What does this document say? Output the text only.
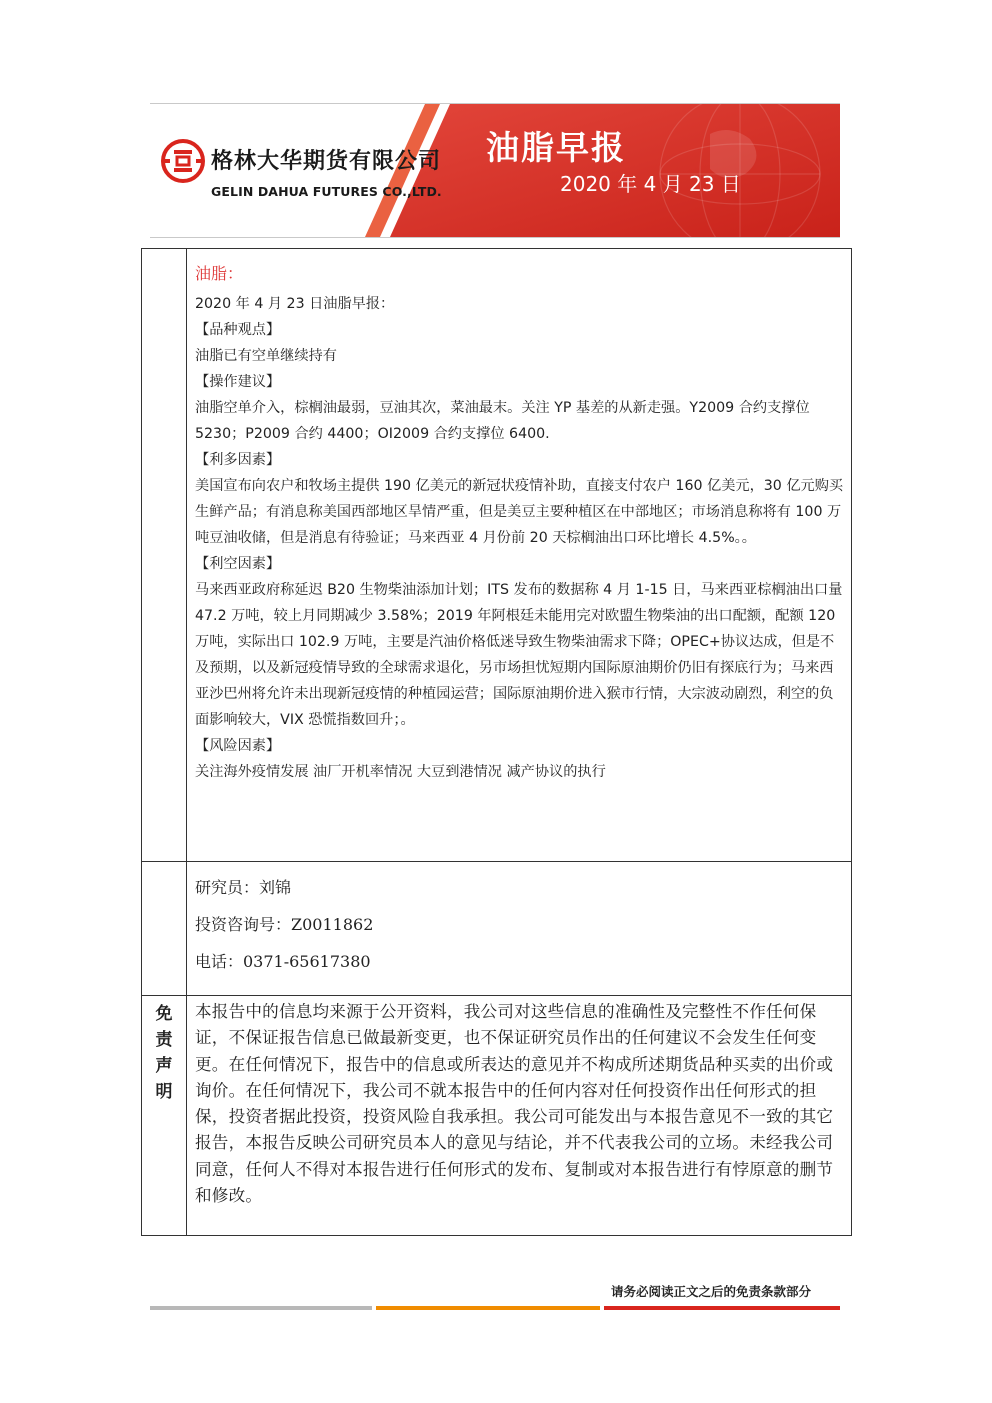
格林大华期货有限公司
GELIN DAHUA FUTURES CO.,LTD.
油脂早报
2020 年 4 月 23 日

油脂：

2020 年 4 月 23 日油脂早报：

【品种观点】

油脂已有空单继续持有

【操作建议】

油脂空单介入，棕榈油最弱，豆油其次，菜油最末。关注 YP 基差的从新走强。Y2009 合约支撑位 5230；P2009 合约 4400；OI2009 合约支撑位 6400.

【利多因素】

美国宣布向农户和牧场主提供 190 亿美元的新冠状疫情补助，直接支付农户 160 亿美元，30 亿元购买生鲜产品；有消息称美国西部地区旱情严重，但是美豆主要种植区在中部地区；市场消息称将有 100 万吨豆油收储，但是消息有待验证；马来西亚 4 月份前 20 天棕榈油出口环比增长 4.5%。。

【利空因素】

马来西亚政府称延迟 B20 生物柴油添加计划；ITS 发布的数据称 4 月 1-15 日，马来西亚棕榈油出口量 47.2 万吨，较上月同期减少 3.58%；2019 年阿根廷未能用完对欧盟生物柴油的出口配额，配额 120 万吨，实际出口 102.9 万吨，主要是汽油价格低迷导致生物柴油需求下降；OPEC+协议达成，但是不及预期，以及新冠疫情导致的全球需求退化，另市场担忧短期内国际原油期价仍旧有探底行为；马来西亚沙巴州将允许未出现新冠疫情的种植园运营；国际原油期价进入猴市行情，大宗波动剧烈，利空的负面影响较大，VIX 恐慌指数回升；。

【风险因素】

关注海外疫情发展 油厂开机率情况 大豆到港情况 减产协议的执行

研究员：刘锦

投资咨询号：Z0011862

电话：0371-65617380

免
责
声
明
本报告中的信息均来源于公开资料，我公司对这些信息的准确性及完整性不作任何保证，不保证报告信息已做最新变更，也不保证研究员作出的任何建议不会发生任何变更。在任何情况下，报告中的信息或所表达的意见并不构成所述期货品种买卖的出价或询价。在任何情况下，我公司不就本报告中的任何内容对任何投资作出任何形式的担保，投资者据此投资，投资风险自我承担。我公司可能发出与本报告意见不一致的其它报告，本报告反映公司研究员本人的意见与结论，并不代表我公司的立场。未经我公司同意，任何人不得对本报告进行任何形式的发布、复制或对本报告进行有悖原意的删节和修改。
请务必阅读正文之后的免责条款部分
